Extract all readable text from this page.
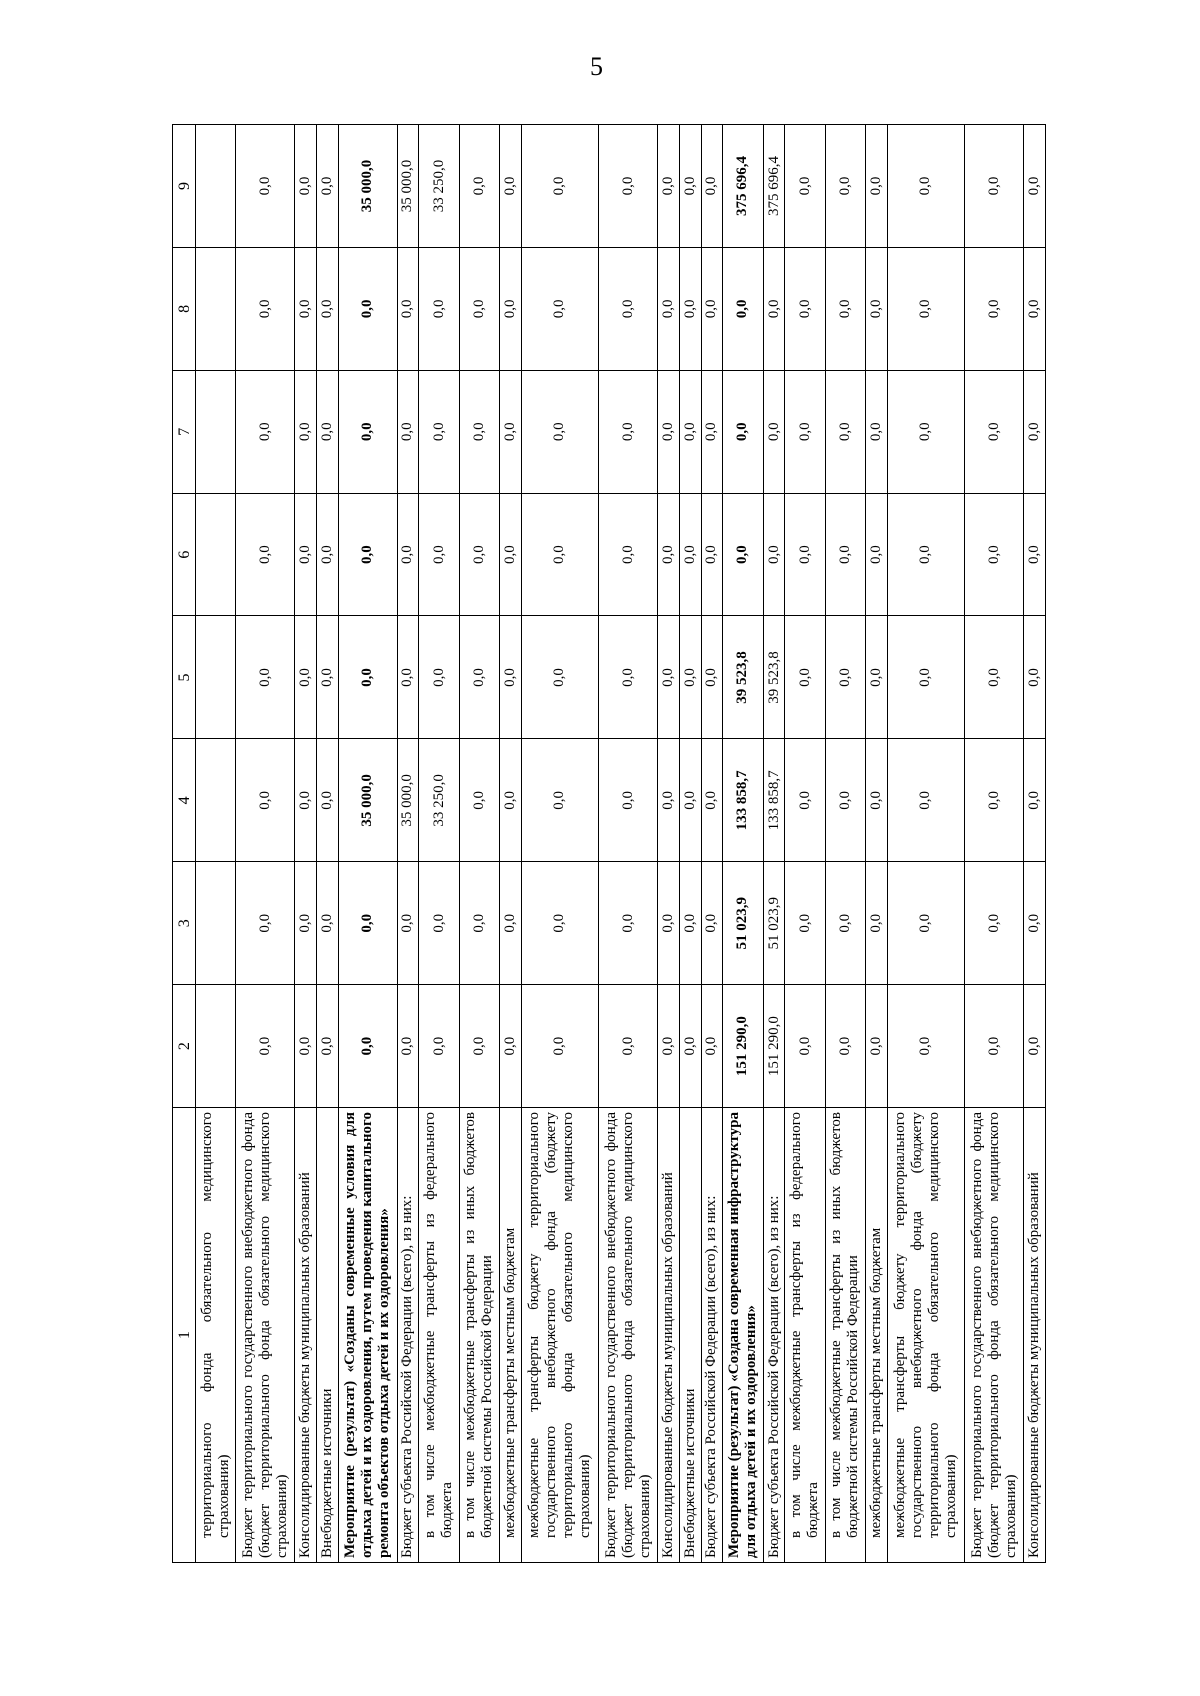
5
1	2	3	4	5	6	7	8	9
территориального фонда обязательного медицинского страхования)								
Бюджет территориального государственного внебюджетного фонда (бюджет территориального фонда обязательного медицинского страхования)	0,0	0,0	0,0	0,0	0,0	0,0	0,0	0,0
Консолидированные бюджеты муниципальных образований	0,0	0,0	0,0	0,0	0,0	0,0	0,0	0,0
Внебюджетные источники	0,0	0,0	0,0	0,0	0,0	0,0	0,0	0,0
Мероприятие (результат) «Созданы современные условия для отдыха детей и их оздоровления, путем проведения капитального ремонта объектов отдыха детей и их оздоровления»	0,0	0,0	35 000,0	0,0	0,0	0,0	0,0	35 000,0
Бюджет субъекта Российской Федерации (всего), из них:	0,0	0,0	35 000,0	0,0	0,0	0,0	0,0	35 000,0
в том числе межбюджетные трансферты из федерального бюджета	0,0	0,0	33 250,0	0,0	0,0	0,0	0,0	33 250,0
в том числе межбюджетные трансферты из иных бюджетов бюджетной системы Российской Федерации	0,0	0,0	0,0	0,0	0,0	0,0	0,0	0,0
межбюджетные трансферты местным бюджетам	0,0	0,0	0,0	0,0	0,0	0,0	0,0	0,0
межбюджетные трансферты бюджету территориального государственного внебюджетного фонда (бюджету территориального фонда обязательного медицинского страхования)	0,0	0,0	0,0	0,0	0,0	0,0	0,0	0,0
Бюджет территориального государственного внебюджетного фонда (бюджет территориального фонда обязательного медицинского страхования)	0,0	0,0	0,0	0,0	0,0	0,0	0,0	0,0
Консолидированные бюджеты муниципальных образований	0,0	0,0	0,0	0,0	0,0	0,0	0,0	0,0
Внебюджетные источники	0,0	0,0	0,0	0,0	0,0	0,0	0,0	0,0
Бюджет субъекта Российской Федерации (всего), из них:	0,0	0,0	0,0	0,0	0,0	0,0	0,0	0,0
Мероприятие (результат) «Создана современная инфраструктура для отдыха детей и их оздоровления»	151 290,0	51 023,9	133 858,7	39 523,8	0,0	0,0	0,0	375 696,4
Бюджет субъекта Российской Федерации (всего), из них:	151 290,0	51 023,9	133 858,7	39 523,8	0,0	0,0	0,0	375 696,4
в том числе межбюджетные трансферты из федерального бюджета	0,0	0,0	0,0	0,0	0,0	0,0	0,0	0,0
в том числе межбюджетные трансферты из иных бюджетов бюджетной системы Российской Федерации	0,0	0,0	0,0	0,0	0,0	0,0	0,0	0,0
межбюджетные трансферты местным бюджетам	0,0	0,0	0,0	0,0	0,0	0,0	0,0	0,0
межбюджетные трансферты бюджету территориального государственного внебюджетного фонда (бюджету территориального фонда обязательного медицинского страхования)	0,0	0,0	0,0	0,0	0,0	0,0	0,0	0,0
Бюджет территориального государственного внебюджетного фонда (бюджет территориального фонда обязательного медицинского страхования)	0,0	0,0	0,0	0,0	0,0	0,0	0,0	0,0
Консолидированные бюджеты муниципальных образований	0,0	0,0	0,0	0,0	0,0	0,0	0,0	0,0
